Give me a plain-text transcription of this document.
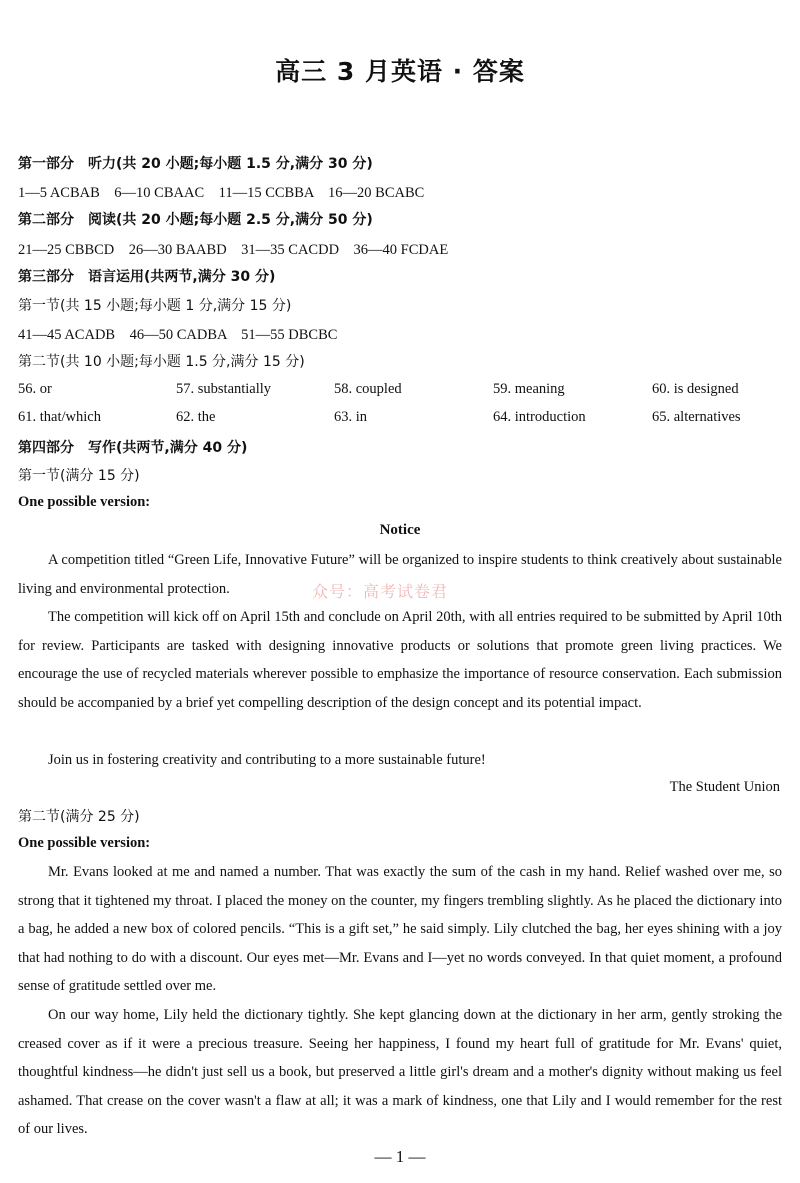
高三 3 月英语 · 答案
第一部分　听力(共 20 小题;每小题 1.5 分,满分 30 分)
1—5 ACBAB　6—10 CBAAC　11—15 CCBBA　16—20 BCABC
第二部分　阅读(共 20 小题;每小题 2.5 分,满分 50 分)
21—25 CBBCD　26—30 BAABD　31—35 CACDD　36—40 FCDAE
第三部分　语言运用(共两节,满分 30 分)
第一节(共 15 小题;每小题 1 分,满分 15 分)
41—45 ACADB　46—50 CADBA　51—55 DBCBC
第二节(共 10 小题;每小题 1.5 分,满分 15 分)
56. or	57. substantially	58. coupled	59. meaning	60. is designed
61. that/which	62. the	63. in	64. introduction	65. alternatives
第四部分　写作(共两节,满分 40 分)
第一节(满分 15 分)
One possible version:
Notice

A competition titled “Green Life, Innovative Future” will be organized to inspire students to think creatively about sustainable living and environmental protection.

The competition will kick off on April 15th and conclude on April 20th, with all entries required to be submitted by April 10th for review. Participants are tasked with designing innovative products or solutions that promote green living practices. We encourage the use of recycled materials wherever possible to emphasize the importance of resource conservation. Each submission should be accompanied by a brief yet compelling description of the design concept and its potential impact.

Join us in fostering creativity and contributing to a more sustainable future!

The Student Union
第二节(满分 25 分)
One possible version:

Mr. Evans looked at me and named a number. That was exactly the sum of the cash in my hand. Relief washed over me, so strong that it tightened my throat. I placed the money on the counter, my fingers trembling slightly. As he placed the dictionary into a bag, he added a new box of colored pencils. “This is a gift set,” he said simply. Lily clutched the bag, her eyes shining with a joy that had nothing to do with a discount. Our eyes met—Mr. Evans and I—yet no words conveyed. In that quiet moment, a profound sense of gratitude settled over me.

On our way home, Lily held the dictionary tightly. She kept glancing down at the dictionary in her arm, gently stroking the creased cover as if it were a precious treasure. Seeing her happiness, I found my heart full of gratitude for Mr. Evans' quiet, thoughtful kindness—he didn't just sell us a book, but preserved a little girl's dream and a mother's dignity without making us feel ashamed. That crease on the cover wasn't a flaw at all; it was a mark of kindness, one that Lily and I would remember for the rest of our lives.

众号：高考试卷君
— 1 —
